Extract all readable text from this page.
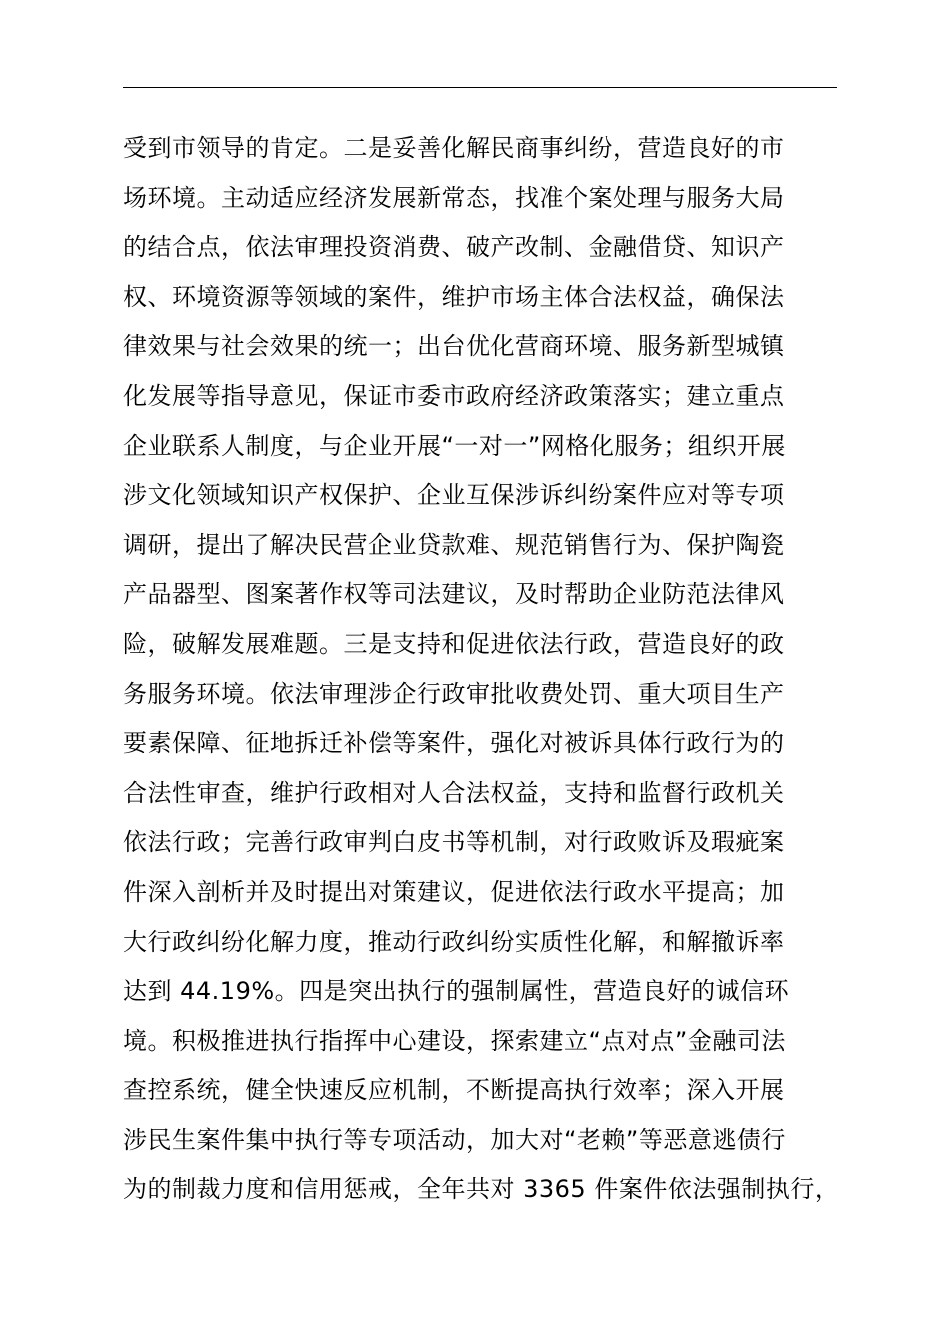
受到市领导的肯定。二是妥善化解民商事纠纷，营造良好的市
场环境。主动适应经济发展新常态，找准个案处理与服务大局
的结合点，依法审理投资消费、破产改制、金融借贷、知识产
权、环境资源等领域的案件，维护市场主体合法权益，确保法
律效果与社会效果的统一；出台优化营商环境、服务新型城镇
化发展等指导意见，保证市委市政府经济政策落实；建立重点
企业联系人制度，与企业开展“一对一”网格化服务；组织开展
涉文化领域知识产权保护、企业互保涉诉纠纷案件应对等专项
调研，提出了解决民营企业贷款难、规范销售行为、保护陶瓷
产品器型、图案著作权等司法建议，及时帮助企业防范法律风
险，破解发展难题。三是支持和促进依法行政，营造良好的政
务服务环境。依法审理涉企行政审批收费处罚、重大项目生产
要素保障、征地拆迁补偿等案件，强化对被诉具体行政行为的
合法性审查，维护行政相对人合法权益，支持和监督行政机关
依法行政；完善行政审判白皮书等机制，对行政败诉及瑕疵案
件深入剖析并及时提出对策建议，促进依法行政水平提高；加
大行政纠纷化解力度，推动行政纠纷实质性化解，和解撤诉率
达到 44.19%。四是突出执行的强制属性，营造良好的诚信环
境。积极推进执行指挥中心建设，探索建立“点对点”金融司法
查控系统，健全快速反应机制，不断提高执行效率；深入开展
涉民生案件集中执行等专项活动，加大对“老赖”等恶意逃债行
为的制裁力度和信用惩戒，全年共对 3365 件案件依法强制执行，
